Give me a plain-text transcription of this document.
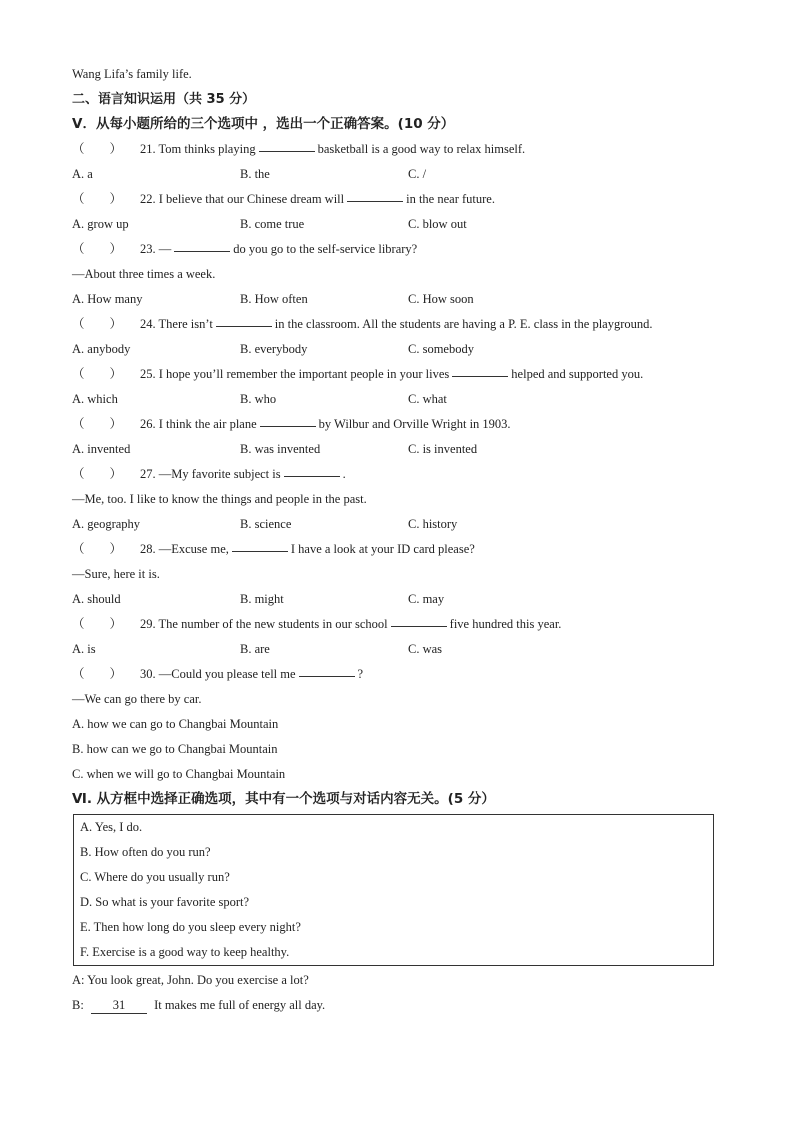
Wang Lifa’s family life.
二、语言知识运用（共 35 分）
Ⅴ．从每小题所给的三个选项中 ，选出一个正确答案。(10 分）
（　　）	21. Tom thinks playing	basketball is a good way to relax himself.
A. a	B. the	C. /
（　　）	22. I believe that our Chinese dream will	in the near future.
A. grow up	B. come true	C. blow out
（　　）	23. —	do you go to the self-service library?
—About three times a week.
A. How many	B. How often	C. How soon
（　　）	24. There isn’t	in the classroom. All the students are having a P. E. class in the playground.
A. anybody	B. everybody	C. somebody
（　　）	25. I hope you’ll remember the important people in your lives	helped and supported you.
A. which	B. who	C. what
（　　）	26. I think the air plane	by Wilbur and Orville Wright in 1903.
A. invented	B. was invented	C. is invented
（　　）	27. —My favorite subject is	.
—Me, too. I like to know the things and people in the past.
A. geography	B. science	C. history
（　　）	28. —Excuse me,	I have a look at your ID card please?
—Sure, here it is.
A. should	B. might	C. may
（　　）	29. The number of the new students in our school	five hundred this year.
A. is	B. are	C. was
（　　）	30. —Could you please tell me	?
—We can go there by car.
A. how we can go to Changbai Mountain
B. how can we go to Changbai Mountain
C. when we will go to Changbai Mountain
Ⅵ. 从方框中选择正确选项，其中有一个选项与对话内容无关。(5 分）
A. Yes, I do.
B. How often do you run?
C. Where do you usually run?
D. So what is your favorite sport?
E. Then how long do you sleep every night?
F. Exercise is a good way to keep healthy.
A: You look great, John. Do you exercise a lot?
B: 31 It makes me full of energy all day.
